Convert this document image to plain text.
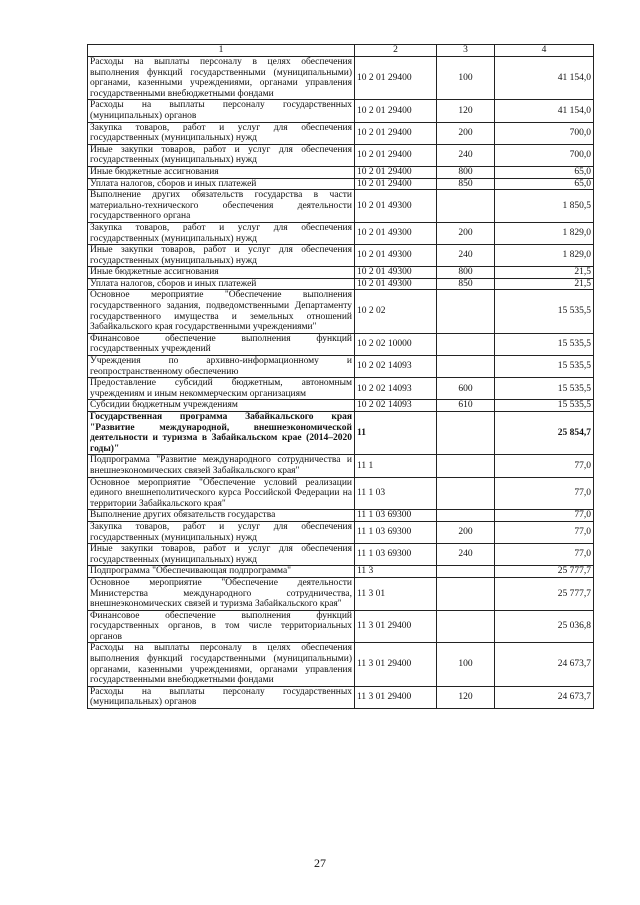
1	2	3	4
Расходы на выплаты персоналу в целях обеспечения выполнения функций государственными (муниципальными) органами, казенными учреждениями, органами управления государственными внебюджетными фондами	10 2 01 29400	100	41 154,0
Расходы на выплаты персоналу государственных (муниципальных) органов	10 2 01 29400	120	41 154,0
Закупка товаров, работ и услуг для обеспечения государственных (муниципальных) нужд	10 2 01 29400	200	700,0
Иные закупки товаров, работ и услуг для обеспечения государственных (муниципальных) нужд	10 2 01 29400	240	700,0
Иные бюджетные ассигнования	10 2 01 29400	800	65,0
Уплата налогов, сборов и иных платежей	10 2 01 29400	850	65,0
Выполнение других обязательств государства в части материально-технического обеспечения деятельности государственного органа	10 2 01 49300		1 850,5
Закупка товаров, работ и услуг для обеспечения государственных (муниципальных) нужд	10 2 01 49300	200	1 829,0
Иные закупки товаров, работ и услуг для обеспечения государственных (муниципальных) нужд	10 2 01 49300	240	1 829,0
Иные бюджетные ассигнования	10 2 01 49300	800	21,5
Уплата налогов, сборов и иных платежей	10 2 01 49300	850	21,5
Основное мероприятие "Обеспечение выполнения государственного задания, подведомственными Департаменту государственного имущества и земельных отношений Забайкальского края государственными учреждениями"	10 2 02		15 535,5
Финансовое обеспечение выполнения функций государственных учреждений	10 2 02 10000		15 535,5
Учреждения по архивно-информационному и геопространственному обеспечению	10 2 02 14093		15 535,5
Предоставление субсидий бюджетным, автономным учреждениям и иным некоммерческим организациям	10 2 02 14093	600	15 535,5
Субсидии бюджетным учреждениям	10 2 02 14093	610	15 535,5
Государственная программа Забайкальского края "Развитие международной, внешнеэкономической деятельности и туризма в Забайкальском крае (2014–2020 годы)"	11		25 854,7
Подпрограмма "Развитие международного сотрудничества и внешнеэкономических связей Забайкальского края"	11 1		77,0
Основное мероприятие "Обеспечение условий реализации единого внешнеполитического курса Российской Федерации на территории Забайкальского края"	11 1 03		77,0
Выполнение других обязательств государства	11 1 03 69300		77,0
Закупка товаров, работ и услуг для обеспечения государственных (муниципальных) нужд	11 1 03 69300	200	77,0
Иные закупки товаров, работ и услуг для обеспечения государственных (муниципальных) нужд	11 1 03 69300	240	77,0
Подпрограмма "Обеспечивающая подпрограмма"	11 3		25 777,7
Основное мероприятие "Обеспечение деятельности Министерства международного сотрудничества, внешнеэкономических связей и туризма Забайкальского края"	11 3 01		25 777,7
Финансовое обеспечение выполнения функций государственных органов, в том числе территориальных органов	11 3 01 29400		25 036,8
Расходы на выплаты персоналу в целях обеспечения выполнения функций государственными (муниципальными) органами, казенными учреждениями, органами управления государственными внебюджетными фондами	11 3 01 29400	100	24 673,7
Расходы на выплаты персоналу государственных (муниципальных) органов	11 3 01 29400	120	24 673,7
27
